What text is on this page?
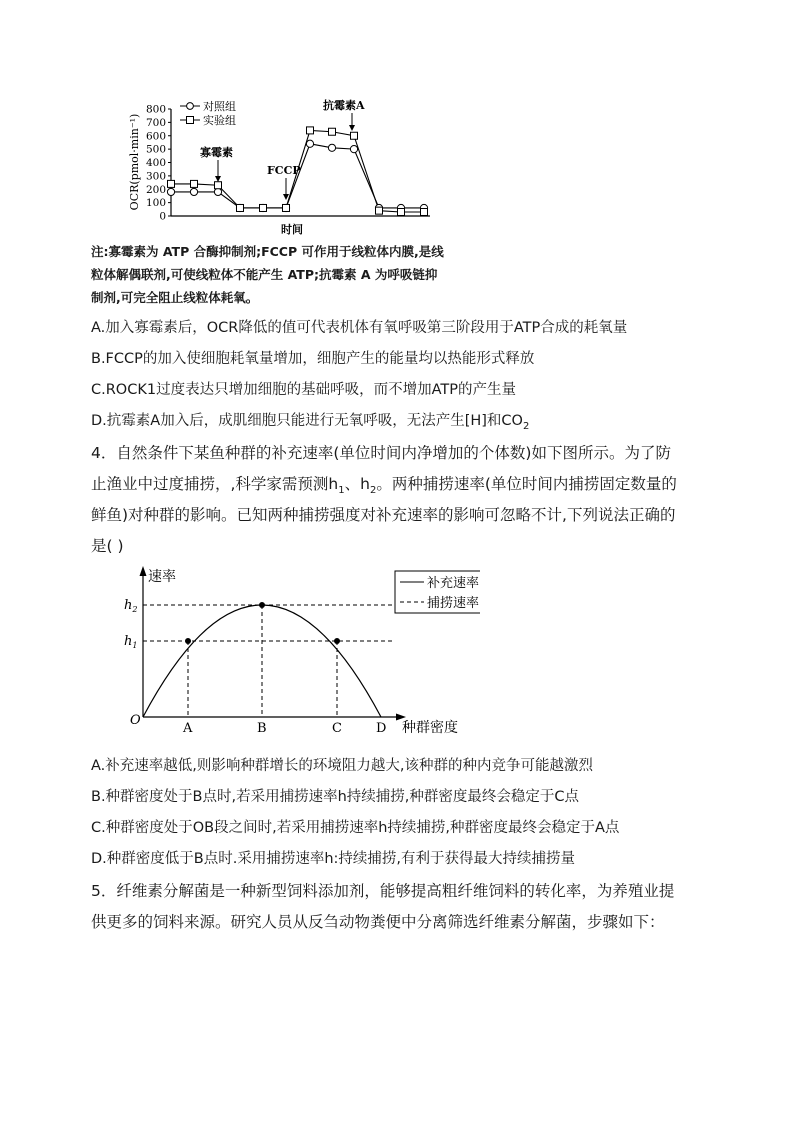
OCR(pmol·min⁻¹)
0
100
200
300
400
500
600
700
800	对照组
实验组
寡霉素
FCCP
抗霉素A
时间
注:寡霉素为 ATP 合酶抑制剂;FCCP 可作用于线粒体内膜,是线
粒体解偶联剂,可使线粒体不能产生 ATP;抗霉素 A 为呼吸链抑
制剂,可完全阻止线粒体耗氧。
A.加入寡霉素后，OCR降低的值可代表机体有氧呼吸第三阶段用于ATP合成的耗氧量
B.FCCP的加入使细胞耗氧量增加，细胞产生的能量均以热能形式释放
C.ROCK1过度表达只增加细胞的基础呼吸，而不增加ATP的产生量
D.抗霉素A加入后，成肌细胞只能进行无氧呼吸，无法产生[H]和$CO_2$
4．自然条件下某鱼种群的补充速率(单位时间内净增加的个体数)如下图所示。为了防
止渔业中过度捕捞，,科学家需预测$h_1$、$h_2$。两种捕捞速率(单位时间内捕捞固定数量的
鲜鱼)对种群的影响。已知两种捕捞强度对补充速率的影响可忽略不计,下列说法正确的
是( )
速率
种群密度
O
$h_2$
$h_1$
A	B	C	D
补充速率
捕捞速率
A.补充速率越低,则影响种群增长的环境阻力越大,该种群的种内竞争可能越激烈
B.种群密度处于B点时,若采用捕捞速率h持续捕捞,种群密度最终会稳定于C点
C.种群密度处于OB段之间时,若采用捕捞速率h持续捕捞,种群密度最终会稳定于A点
D.种群密度低于B点时.采用捕捞速率h:持续捕捞,有利于获得最大持续捕捞量
5．纤维素分解菌是一种新型饲料添加剂，能够提高粗纤维饲料的转化率，为养殖业提
供更多的饲料来源。研究人员从反刍动物粪便中分离筛选纤维素分解菌，步骤如下：
